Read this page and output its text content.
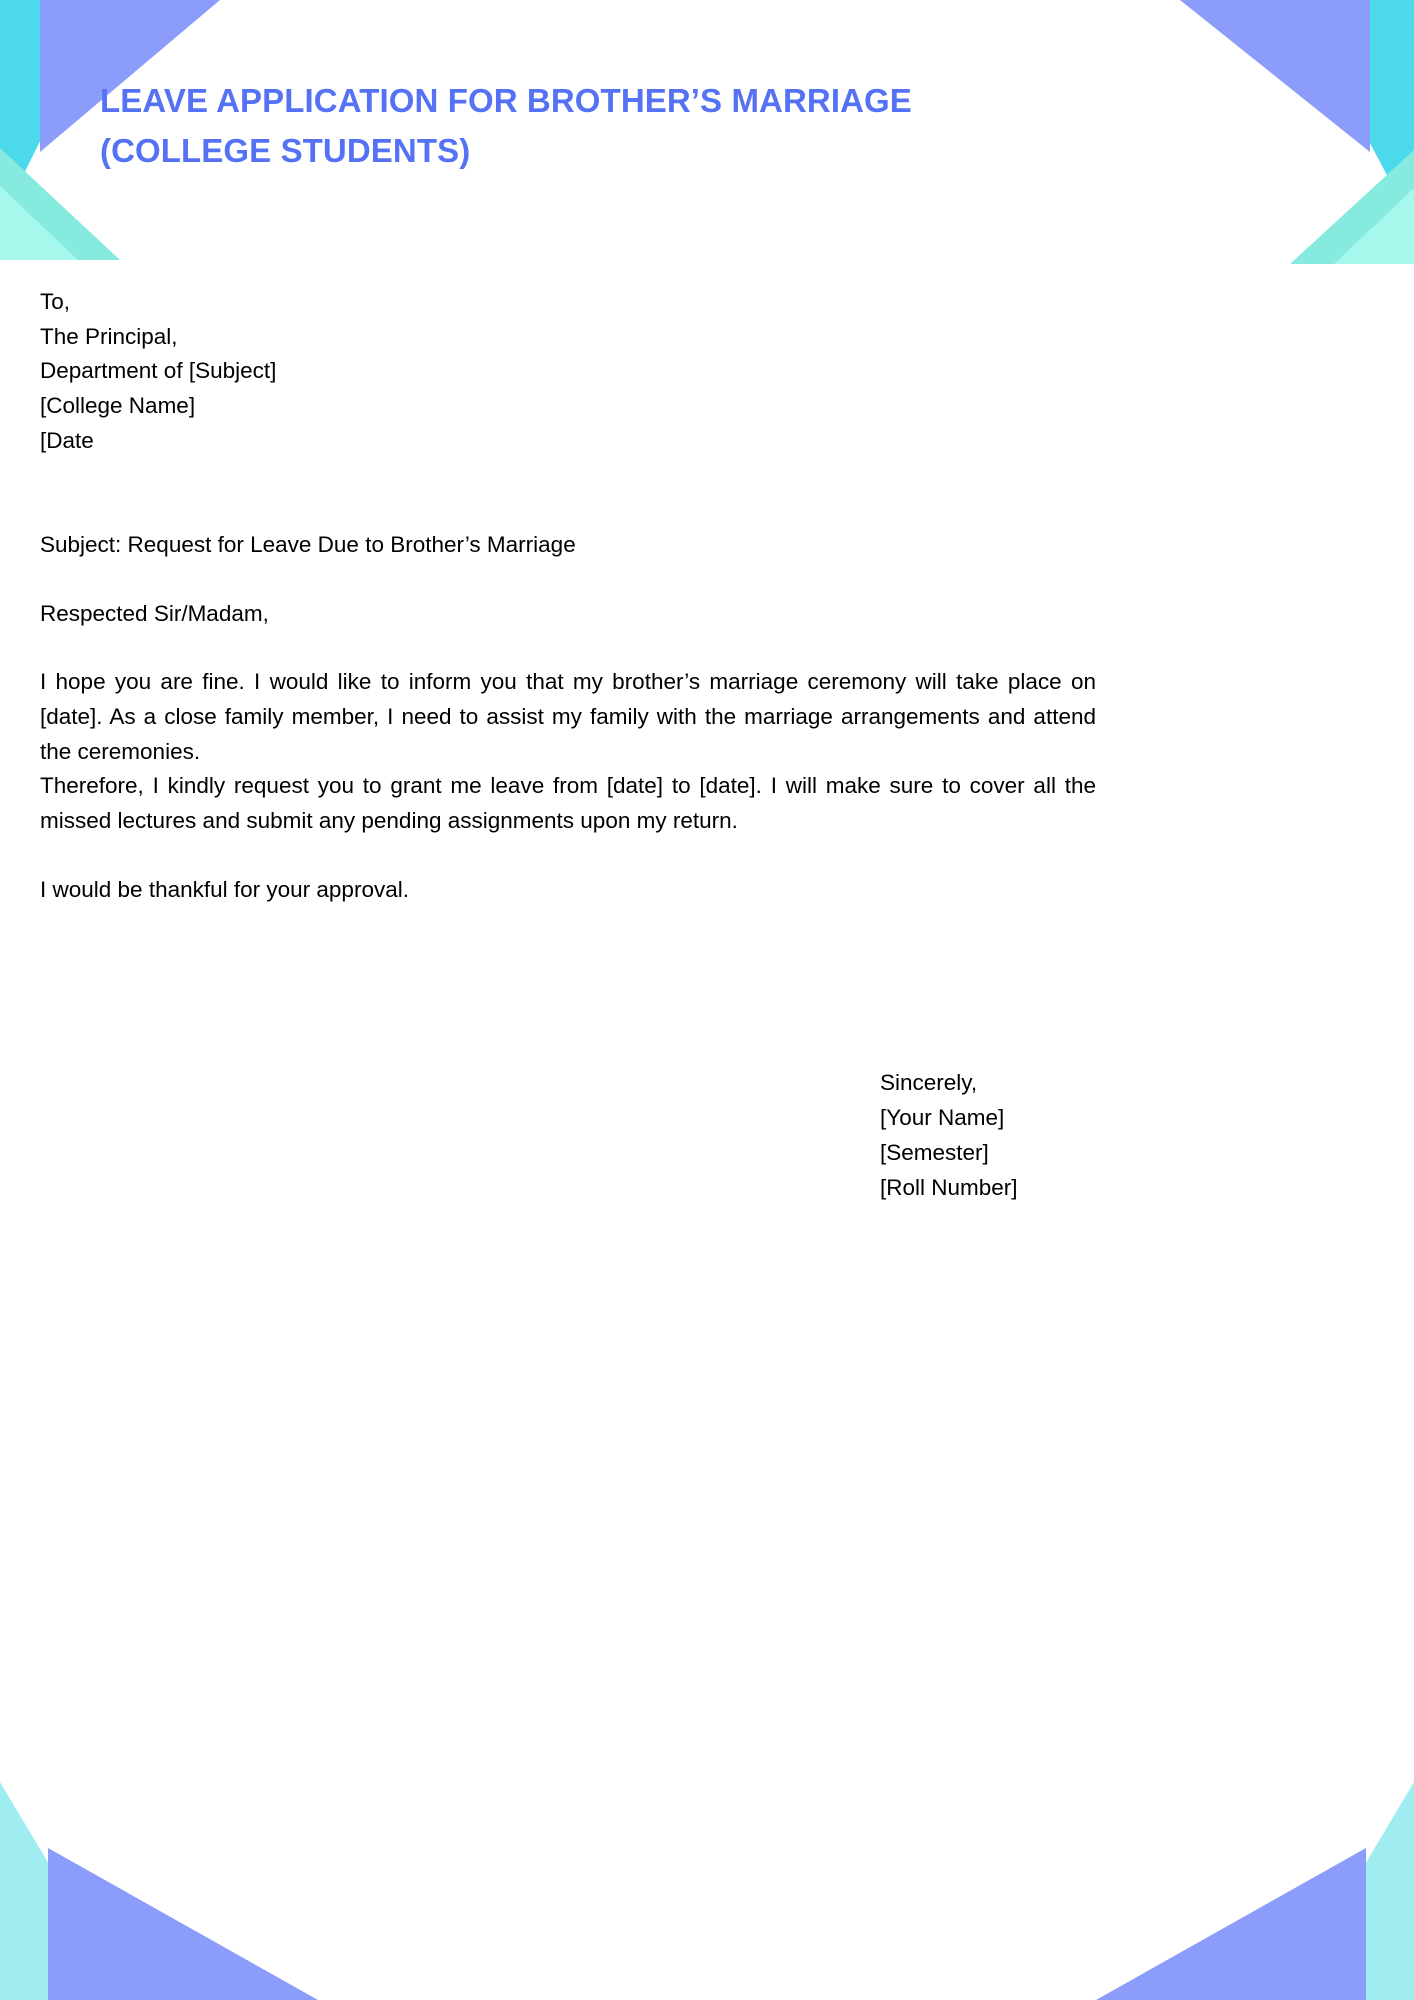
LEAVE APPLICATION FOR BROTHER’S MARRIAGE
(COLLEGE STUDENTS)
To,
The Principal,
Department of [Subject]
[College Name]
[Date
Subject: Request for Leave Due to Brother’s Marriage
Respected Sir/Madam,

I hope you are fine. I would like to inform you that my brother’s marriage ceremony will take place on [date]. As a close family member, I need to assist my family with the marriage arrangements and attend the ceremonies.

Therefore, I kindly request you to grant me leave from [date] to [date]. I will make sure to cover all the missed lectures and submit any pending assignments upon my return.

I would be thankful for your approval.

Sincerely,
[Your Name]
[Semester]
[Roll Number]
